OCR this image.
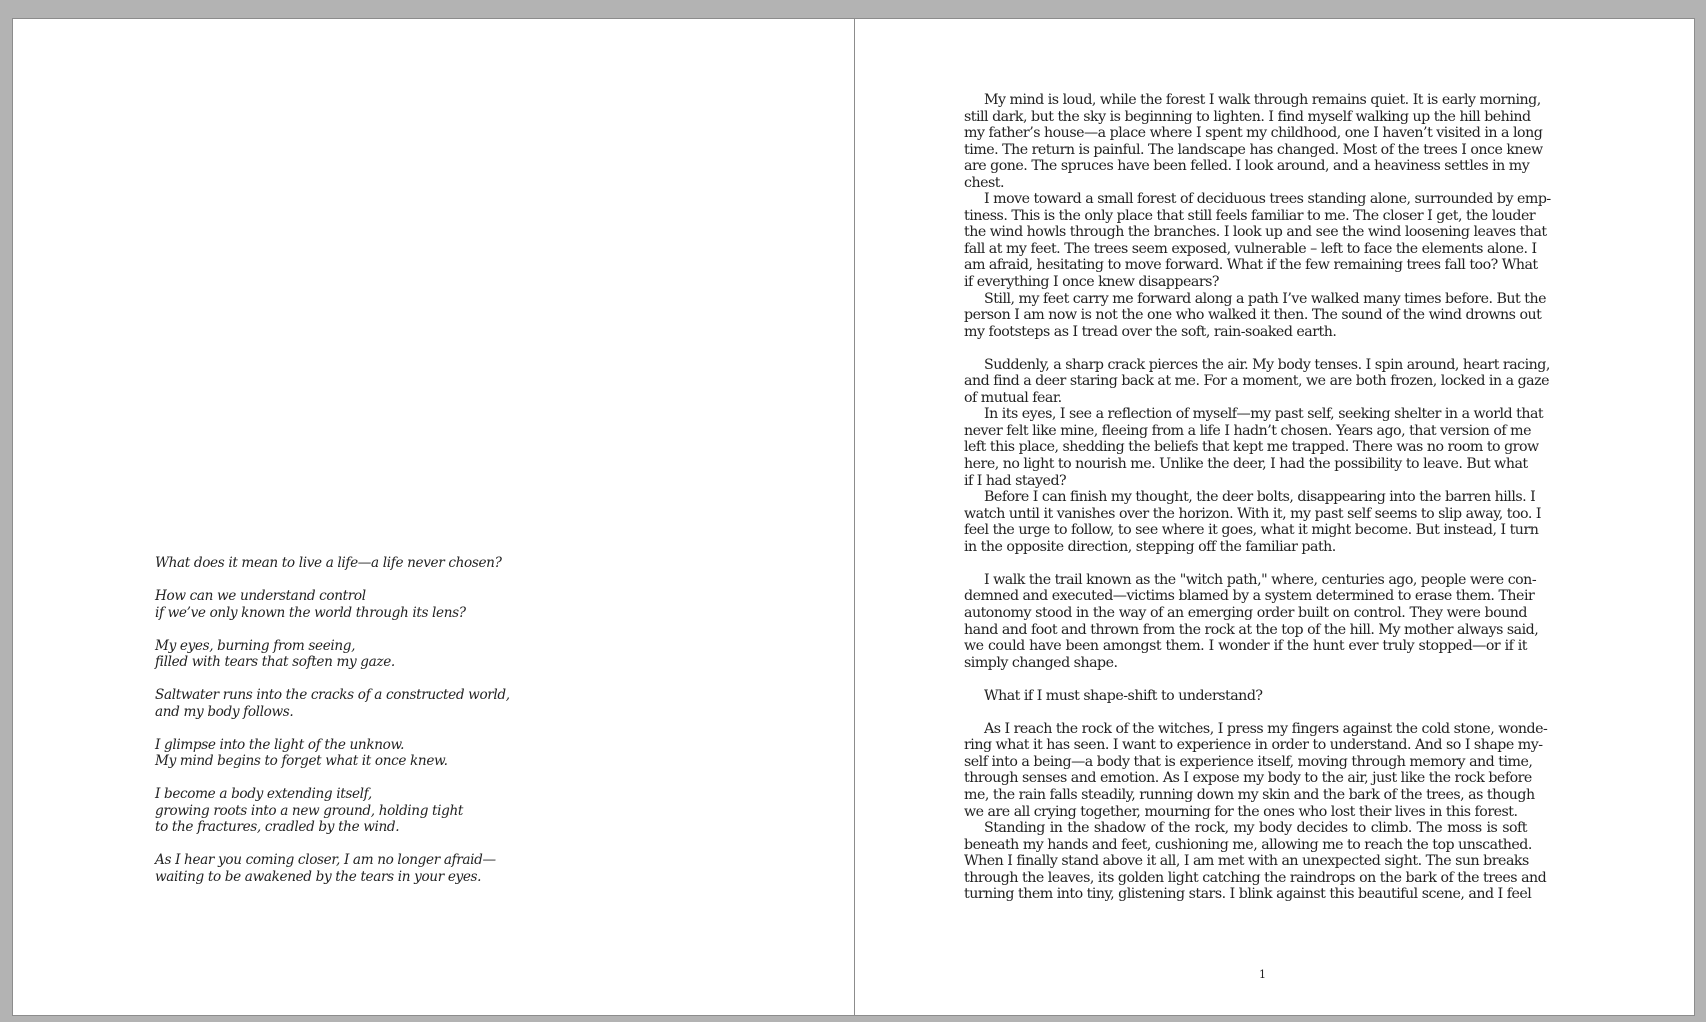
What does it mean to live a life—a life never chosen?
How can we understand control
if we’ve only known the world through its lens?
My eyes, burning from seeing,
filled with tears that soften my gaze.
Saltwater runs into the cracks of a constructed world,
and my body follows.
I glimpse into the light of the unknow.
My mind begins to forget what it once knew.
I become a body extending itself,
growing roots into a new ground, holding tight
to the fractures, cradled by the wind.
As I hear you coming closer, I am no longer afraid—
waiting to be awakened by the tears in your eyes.
My mind is loud, while the forest I walk through remains quiet. It is early morning,
still dark, but the sky is beginning to lighten. I find myself walking up the hill behind
my father’s house—a place where I spent my childhood, one I haven’t visited in a long
time. The return is painful. The landscape has changed. Most of the trees I once knew
are gone. The spruces have been felled. I look around, and a heaviness settles in my
chest.
I move toward a small forest of deciduous trees standing alone, surrounded by emp-
tiness. This is the only place that still feels familiar to me. The closer I get, the louder
the wind howls through the branches. I look up and see the wind loosening leaves that
fall at my feet. The trees seem exposed, vulnerable – left to face the elements alone. I
am afraid, hesitating to move forward. What if the few remaining trees fall too? What
if everything I once knew disappears?
Still, my feet carry me forward along a path I’ve walked many times before. But the
person I am now is not the one who walked it then. The sound of the wind drowns out
my footsteps as I tread over the soft, rain-soaked earth.
Suddenly, a sharp crack pierces the air. My body tenses. I spin around, heart racing,
and find a deer staring back at me. For a moment, we are both frozen, locked in a gaze
of mutual fear.
In its eyes, I see a reflection of myself—my past self, seeking shelter in a world that
never felt like mine, fleeing from a life I hadn’t chosen. Years ago, that version of me
left this place, shedding the beliefs that kept me trapped. There was no room to grow
here, no light to nourish me. Unlike the deer, I had the possibility to leave. But what
if I had stayed?
Before I can finish my thought, the deer bolts, disappearing into the barren hills. I
watch until it vanishes over the horizon. With it, my past self seems to slip away, too. I
feel the urge to follow, to see where it goes, what it might become. But instead, I turn
in the opposite direction, stepping off the familiar path.
I walk the trail known as the "witch path," where, centuries ago, people were con-
demned and executed—victims blamed by a system determined to erase them. Their
autonomy stood in the way of an emerging order built on control. They were bound
hand and foot and thrown from the rock at the top of the hill. My mother always said,
we could have been amongst them. I wonder if the hunt ever truly stopped—or if it
simply changed shape.
What if I must shape-shift to understand?
As I reach the rock of the witches, I press my fingers against the cold stone, wonde-
ring what it has seen. I want to experience in order to understand. And so I shape my-
self into a being—a body that is experience itself, moving through memory and time,
through senses and emotion. As I expose my body to the air, just like the rock before
me, the rain falls steadily, running down my skin and the bark of the trees, as though
we are all crying together, mourning for the ones who lost their lives in this forest.
Standing in the shadow of the rock, my body decides to climb. The moss is soft
beneath my hands and feet, cushioning me, allowing me to reach the top unscathed.
When I finally stand above it all, I am met with an unexpected sight. The sun breaks
through the leaves, its golden light catching the raindrops on the bark of the trees and
turning them into tiny, glistening stars. I blink against this beautiful scene, and I feel
1
